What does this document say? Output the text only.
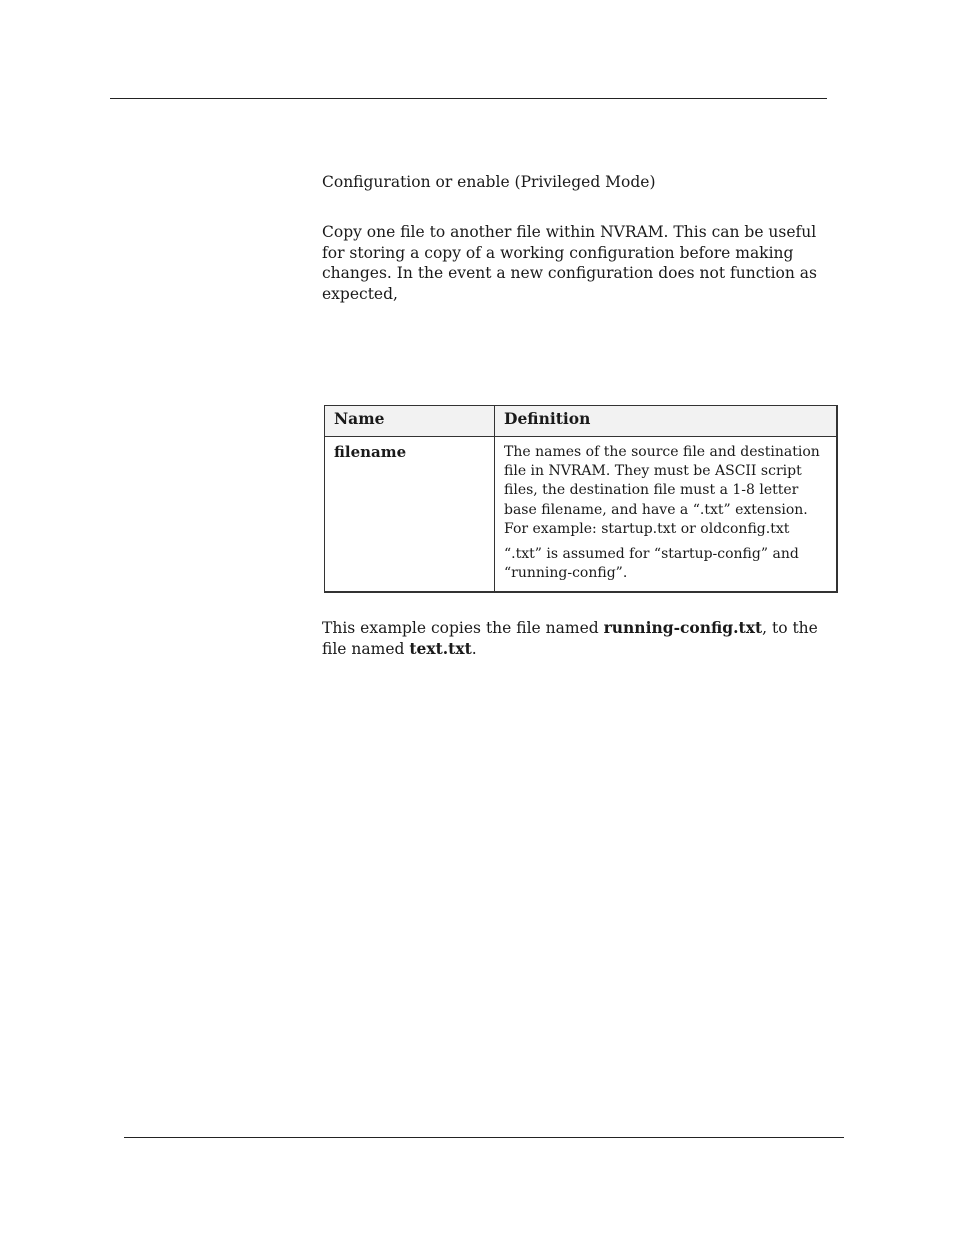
Configuration or enable (Privileged Mode)
Copy one file to another file within NVRAM. This can be useful for storing a copy of a working configuration before making changes. In the event a new configuration does not function as expected,
Name	Definition
filename	The names of the source file and destination file in NVRAM. They must be ASCII script files, the destination file must a 1-8 letter base filename, and have a “.txt” extension. For example: startup.txt or oldconfig.txt

“.txt” is assumed for “startup-config” and “running-config”.

This example copies the file named running-config.txt, to the file named text.txt.
